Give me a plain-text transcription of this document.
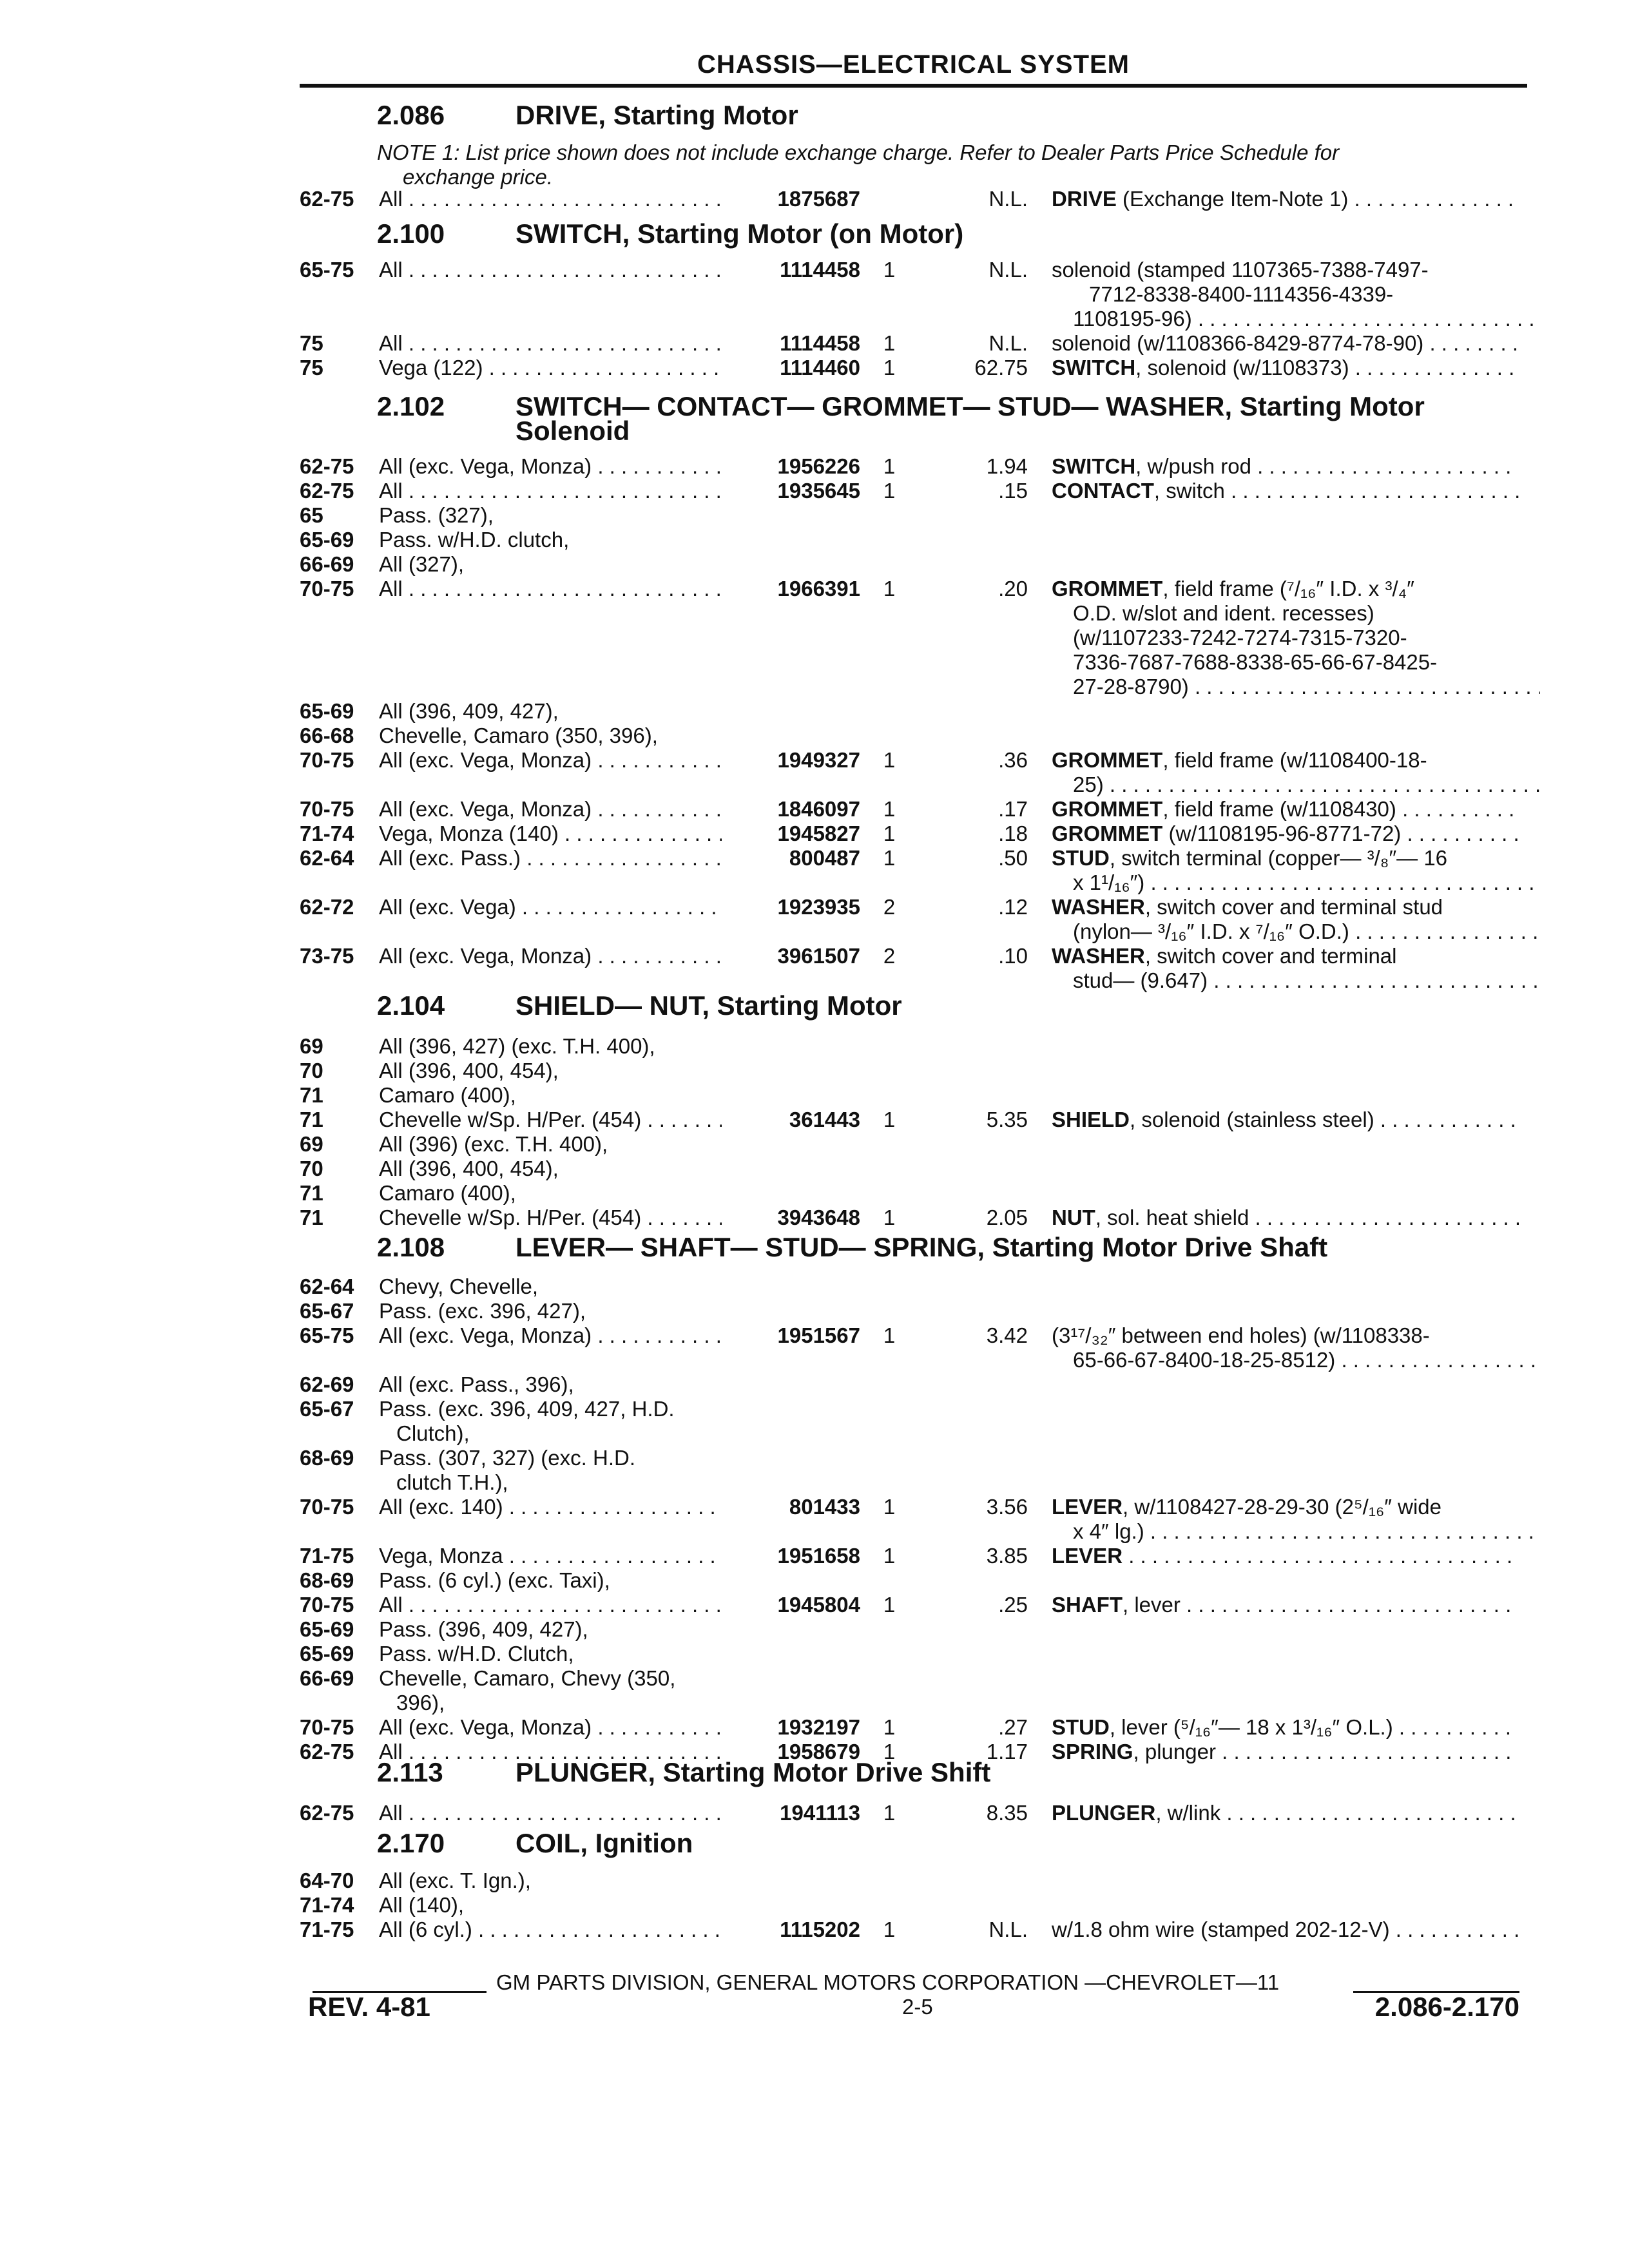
CHASSIS—ELECTRICAL SYSTEM
2.086	DRIVE, Starting Motor
NOTE 1: List price shown does not include exchange charge. Refer to Dealer Parts Price Schedule for
exchange price.
62-75	All . . .	1875687	N.L. DRIVE (Exchange Item-Note 1) . . .
2.100	SWITCH, Starting Motor (on Motor)
65-75	All . . .	1114458	1	N.L. solenoid (stamped 1107365-7388-7497-
7712-8338-8400-1114356-4339-
1108195-96) . . .
75	All . . .	1114458	1	N.L. solenoid (w/1108366-8429-8774-78-90) . . .
75	Vega (122) . . .	1114460	1	62.75 SWITCH, solenoid (w/1108373) . . .
2.102	SWITCH— CONTACT— GROMMET— STUD— WASHER, Starting Motor
Solenoid
62-75	All (exc. Vega, Monza) . . .	1956226	1	1.94 SWITCH, w/push rod . . .
62-75	All . . .	1935645	1	.15 CONTACT, switch . . .
65	Pass. (327),
65-69	Pass. w/H.D. clutch,
66-69	All (327),
70-75	All . . .	1966391	1	.20 GROMMET, field frame (⁷/₁₆″ I.D. x ³/₄″
O.D. w/slot and ident. recesses)
(w/1107233-7242-7274-7315-7320-
7336-7687-7688-8338-65-66-67-8425-
27-28-8790) . . .
65-69	All (396, 409, 427),
66-68	Chevelle, Camaro (350, 396),
70-75	All (exc. Vega, Monza) . . .	1949327	1	.36 GROMMET, field frame (w/1108400-18-
25) . . .
70-75	All (exc. Vega, Monza) . . .	1846097	1	.17 GROMMET, field frame (w/1108430) . . .
71-74	Vega, Monza (140) . . .	1945827	1	.18 GROMMET (w/1108195-96-8771-72) . . .
62-64	All (exc. Pass.) . . .	800487	1	.50 STUD, switch terminal (copper— ³/₈″— 16
x 1¹/₁₆″) . . .
62-72	All (exc. Vega) . . .	1923935	2	.12 WASHER, switch cover and terminal stud
(nylon— ³/₁₆″ I.D. x ⁷/₁₆″ O.D.) . . .
73-75	All (exc. Vega, Monza) . . .	3961507	2	.10 WASHER, switch cover and terminal
stud— (9.647) . . .
2.104	SHIELD— NUT, Starting Motor
69	All (396, 427) (exc. T.H. 400),
70	All (396, 400, 454),
71	Camaro (400),
71	Chevelle w/Sp. H/Per. (454) . . .	361443	1	5.35 SHIELD, solenoid (stainless steel) . . .
69	All (396) (exc. T.H. 400),
70	All (396, 400, 454),
71	Camaro (400),
71	Chevelle w/Sp. H/Per. (454) . . .	3943648	1	2.05 NUT, sol. heat shield . . .
2.108	LEVER— SHAFT— STUD— SPRING, Starting Motor Drive Shaft
62-64	Chevy, Chevelle,
65-67	Pass. (exc. 396, 427),
65-75	All (exc. Vega, Monza) . . .	1951567	1	3.42 (3¹⁷/₃₂″ between end holes) (w/1108338-
65-66-67-8400-18-25-8512) . . .
62-69	All (exc. Pass., 396),
65-67	Pass. (exc. 396, 409, 427, H.D.
Clutch),
68-69	Pass. (307, 327) (exc. H.D.
clutch T.H.),
70-75	All (exc. 140) . . .	801433	1	3.56 LEVER, w/1108427-28-29-30 (2⁵/₁₆″ wide
x 4″ lg.) . . .
71-75	Vega, Monza . . .	1951658	1	3.85 LEVER . . .
68-69	Pass. (6 cyl.) (exc. Taxi),
70-75	All . . .	1945804	1	.25 SHAFT, lever . . .
65-69	Pass. (396, 409, 427),
65-69	Pass. w/H.D. Clutch,
66-69	Chevelle, Camaro, Chevy (350,
396),
70-75	All (exc. Vega, Monza) . . .	1932197	1	.27 STUD, lever (⁵/₁₆″— 18 x 1³/₁₆″ O.L.) . . .
62-75	All . . .	1958679	1	1.17 SPRING, plunger . . .
2.113	PLUNGER, Starting Motor Drive Shift
62-75	All . . .	1941113	1	8.35 PLUNGER, w/link . . .
2.170	COIL, Ignition
64-70	All (exc. T. Ign.),
71-74	All (140),
71-75	All (6 cyl.) . . .	1115202	1	N.L. w/1.8 ohm wire (stamped 202-12-V) . . .
GM PARTS DIVISION, GENERAL MOTORS CORPORATION —CHEVROLET—11
REV. 4-81	2-5	2.086-2.170
